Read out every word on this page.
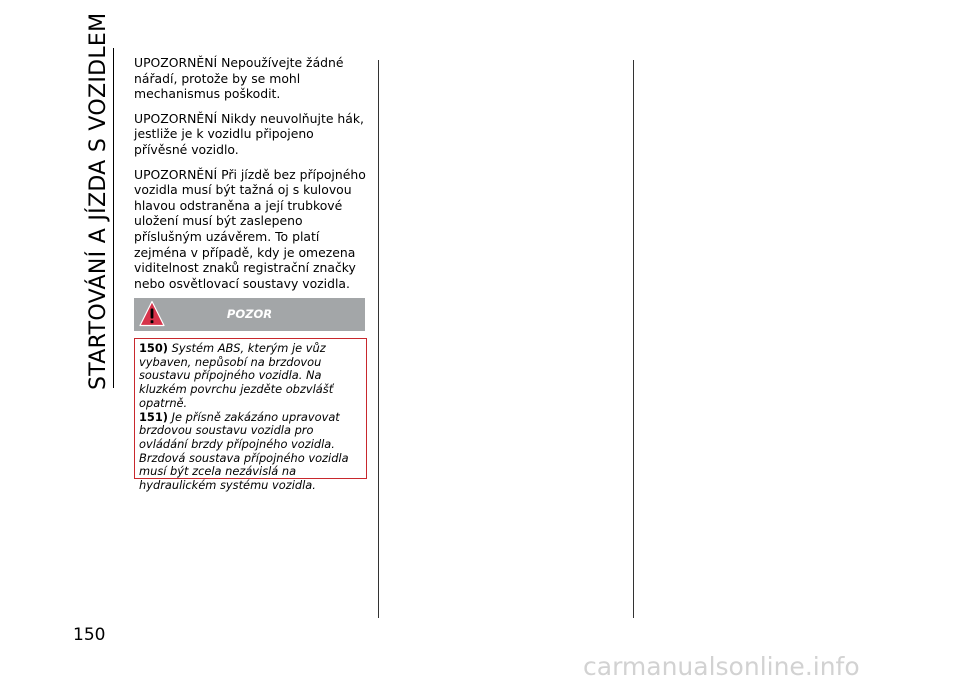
STARTOVÁNÍ A JÍZDA S VOZIDLEM
150

UPOZORNĚNÍ Nepoužívejte žádné nářadí, protože by se mohl mechanismus poškodit.

UPOZORNĚNÍ Nikdy neuvolňujte hák, jestliže je k vozidlu připojeno přívěsné vozidlo.

UPOZORNĚNÍ Při jízdě bez přípojného vozidla musí být tažná oj s kulovou hlavou odstraněna a její trubkové uložení musí být zaslepeno příslušným uzávěrem. To platí zejména v případě, kdy je omezena viditelnost znaků registrační značky nebo osvětlovací soustavy vozidla.

POZOR

150) Systém ABS, kterým je vůz vybaven, nepůsobí na brzdovou soustavu přípojného vozidla. Na kluzkém povrchu jezděte obzvlášť opatrně.

151) Je přísně zakázáno upravovat brzdovou soustavu vozidla pro ovládání brzdy přípojného vozidla. Brzdová soustava přípojného vozidla musí být zcela nezávislá na hydraulickém systému vozidla.

carmanualsonline.info
